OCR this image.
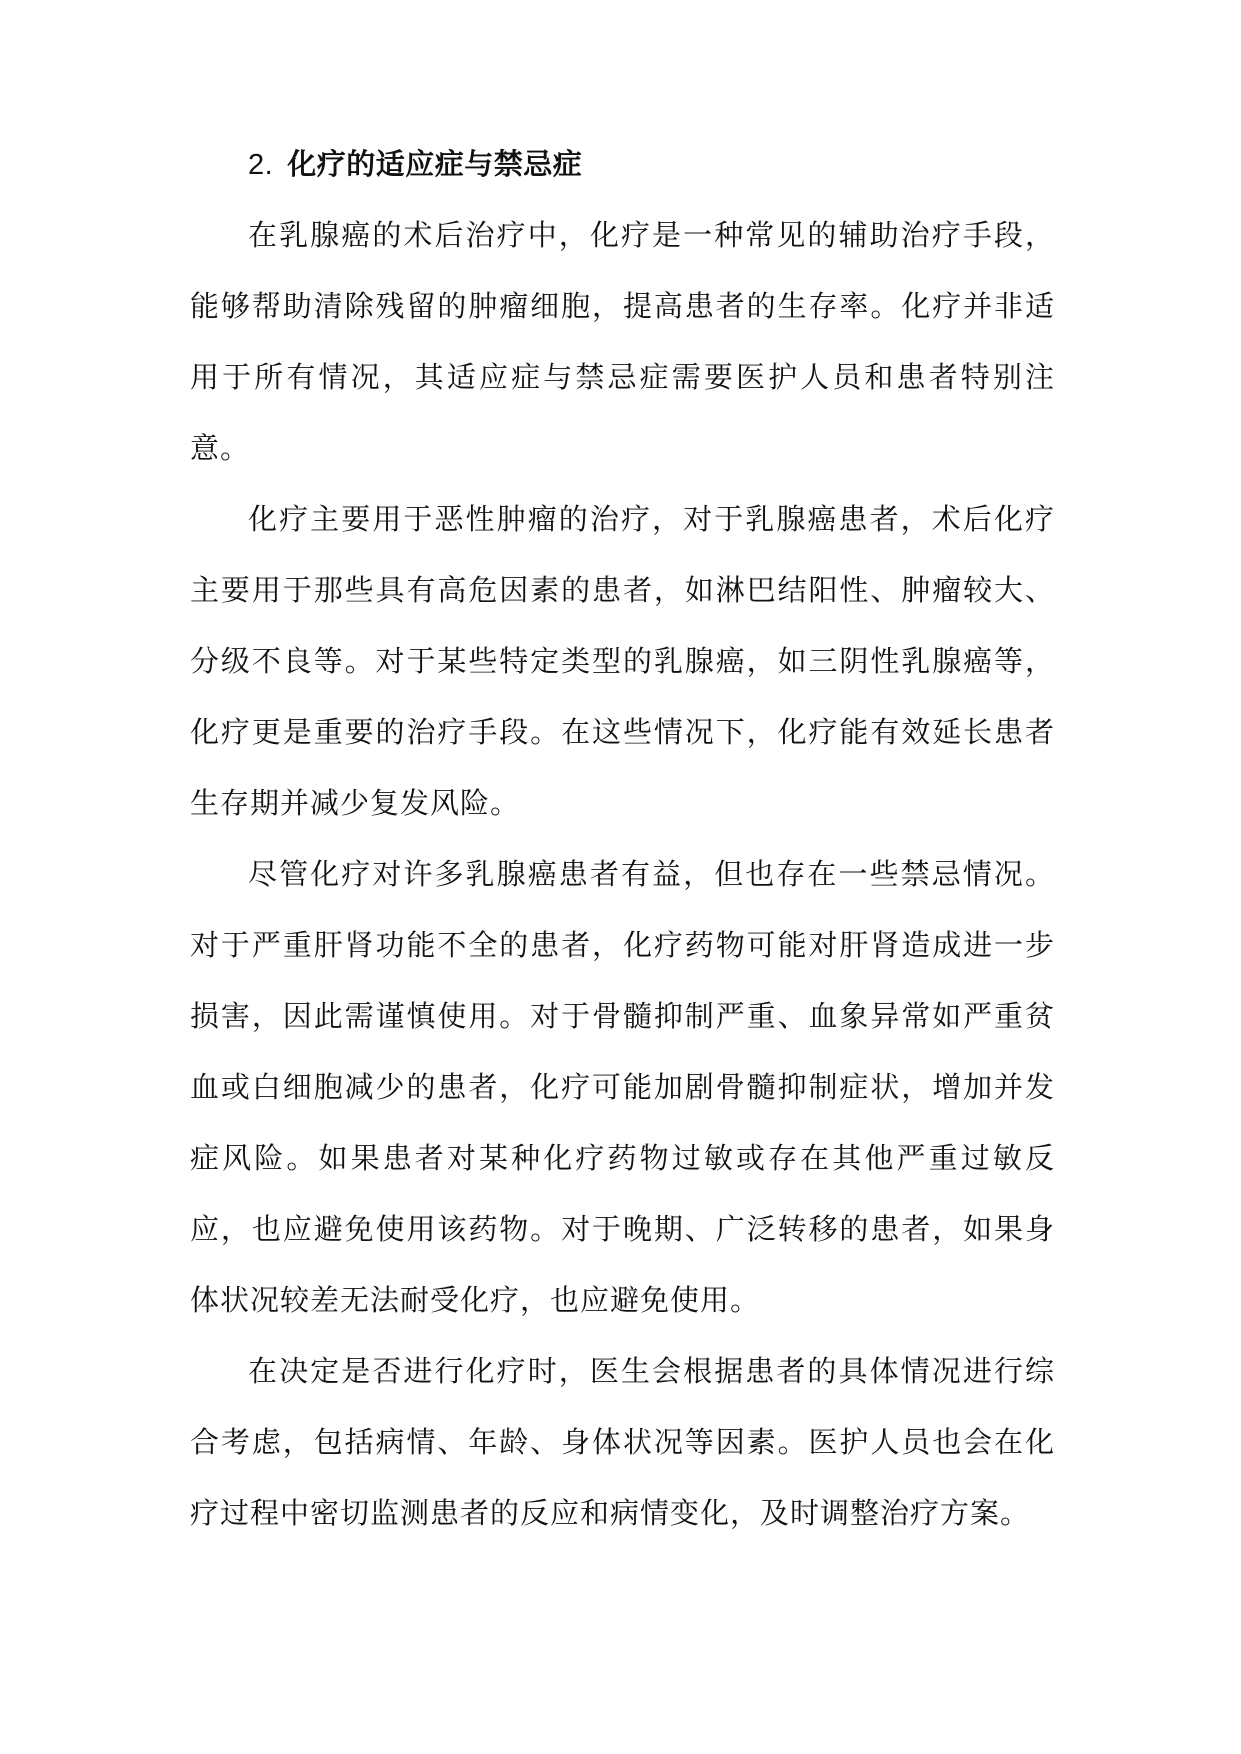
2. 化疗的适应症与禁忌症

在乳腺癌的术后治疗中，化疗是一种常见的辅助治疗手段，能够帮助清除残留的肿瘤细胞，提高患者的生存率。化疗并非适用于所有情况，其适应症与禁忌症需要医护人员和患者特别注意。

化疗主要用于恶性肿瘤的治疗，对于乳腺癌患者，术后化疗主要用于那些具有高危因素的患者，如淋巴结阳性、肿瘤较大、分级不良等。对于某些特定类型的乳腺癌，如三阴性乳腺癌等，化疗更是重要的治疗手段。在这些情况下，化疗能有效延长患者生存期并减少复发风险。

尽管化疗对许多乳腺癌患者有益，但也存在一些禁忌情况。对于严重肝肾功能不全的患者，化疗药物可能对肝肾造成进一步损害，因此需谨慎使用。对于骨髓抑制严重、血象异常如严重贫血或白细胞减少的患者，化疗可能加剧骨髓抑制症状，增加并发症风险。如果患者对某种化疗药物过敏或存在其他严重过敏反应，也应避免使用该药物。对于晚期、广泛转移的患者，如果身体状况较差无法耐受化疗，也应避免使用。

在决定是否进行化疗时，医生会根据患者的具体情况进行综合考虑，包括病情、年龄、身体状况等因素。医护人员也会在化疗过程中密切监测患者的反应和病情变化，及时调整治疗方案。
